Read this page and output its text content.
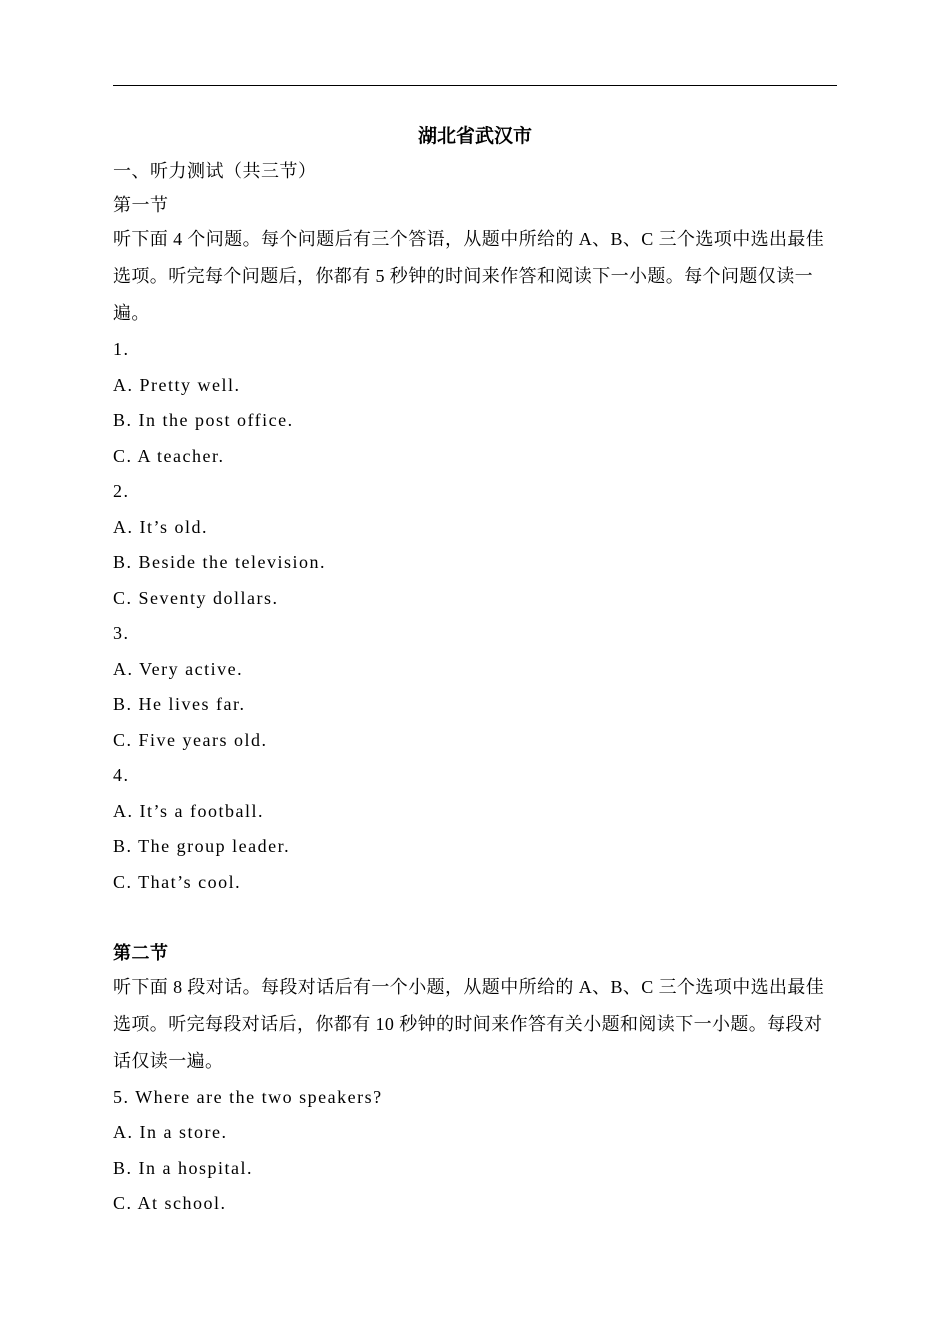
湖北省武汉市
一、听力测试（共三节）
第一节
听下面 4 个问题。每个问题后有三个答语，从题中所给的 A、B、C 三个选项中选出最佳选项。听完每个问题后，你都有 5 秒钟的时间来作答和阅读下一小题。每个问题仅读一遍。
1.
A. Pretty well.
B. In the post office.
C. A teacher.
2.
A. It’s old.
B. Beside the television.
C. Seventy dollars.
3.
A. Very active.
B. He lives far.
C. Five years old.
4.
A. It’s a football.
B. The group leader.
C. That’s cool.
第二节
听下面 8 段对话。每段对话后有一个小题，从题中所给的 A、B、C 三个选项中选出最佳选项。听完每段对话后，你都有 10 秒钟的时间来作答有关小题和阅读下一小题。每段对话仅读一遍。
5. Where are the two speakers?
A. In a store.
B. In a hospital.
C. At school.
